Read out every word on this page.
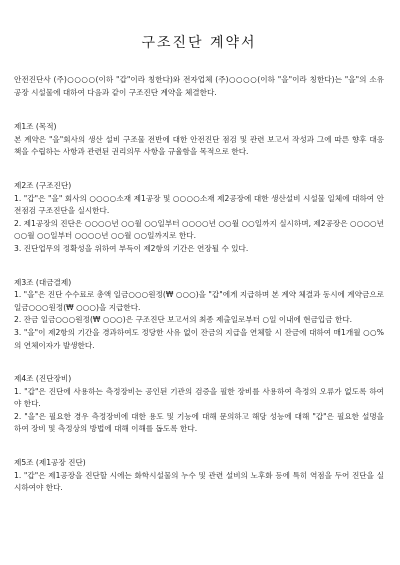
구조진단 계약서

안전진단사 (주)○○○○(이하 "갑"이라 칭한다)와 전자업체 (주)○○○○(이하 "을"이라 칭한다)는 "을"의 소유 공장 시설물에 대하여 다음과 같이 구조진단 계약을 체결한다.

제1조 (목적)

본 계약은 "을"회사의 생산 설비 구조물 전반에 대한 안전진단 점검 및 관련 보고서 작성과 그에 따른 향후 대응책을 수립하는 사항과 관련된 권리의무 사항을 규율함을 목적으로 한다.

제2조 (구조진단)

1. "갑"은 "을" 회사의 ○○○○소재 제1공장 및 ○○○○소재 제2공장에 대한 생산설비 시설물 일체에 대하여 안전점검 구조진단을 실시한다.

2. 제1공장의 진단은 ○○○○년 ○○월 ○○일부터 ○○○○년 ○○월 ○○일까지 실시하며, 제2공장은 ○○○○년 ○○월 ○○일부터 ○○○○년 ○○월 ○○일까지로 한다.

3. 진단업무의 정확성을 위하여 부득이 제2항의 기간은 연장될 수 있다.

제3조 (대금결제)

1. "을"은 진단 수수료로 총액 일금○○○원정(₩ ○○○)을 "갑"에게 지급하며 본 계약 체결과 동시에 계약금으로 일금○○○원정(₩ ○○○)을 지급한다.

2. 잔금 일금○○○원정(₩ ○○○)은 구조진단 보고서의 최종 제출일로부터 ○일 이내에 현금입금 한다.

3. "을"이 제2항의 기간을 경과하여도 정당한 사유 없이 잔금의 지급을 연체할 시 잔금에 대하여 매1개월 ○○%의 연체이자가 발생한다.

제4조 (진단장비)

1. "갑"은 진단에 사용하는 측정장비는 공인된 기관의 검증을 필한 장비를 사용하여 측정의 오류가 없도록 하여야 한다.

2. "을"은 필요한 경우 측정장비에 대한 용도 및 기능에 대해 문의하고 해당 성능에 대해 "갑"은 필요한 설명을 하여 장비 및 측정상의 방법에 대해 이해를 돕도록 한다.

제5조 (제1공장 진단)

1. "갑"은 제1공장을 진단할 시에는 화학시설물의 누수 및 관련 설비의 노후화 등에 특히 역점을 두어 진단을 실시하여야 한다.
